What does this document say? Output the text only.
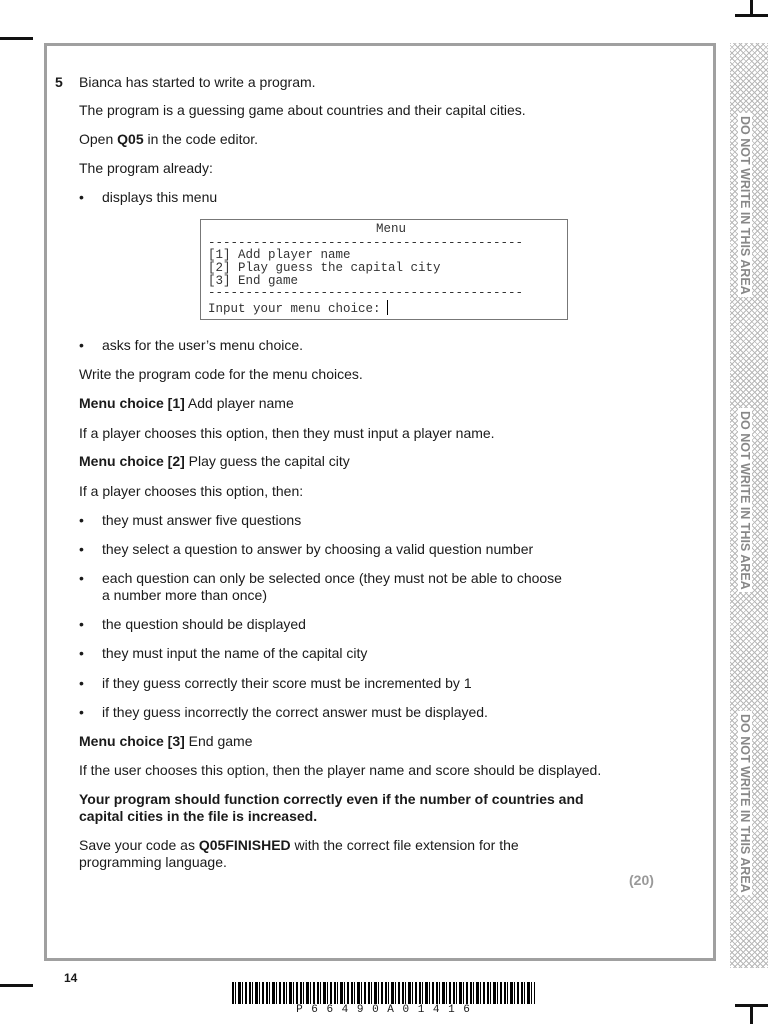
DO NOT WRITE IN THIS AREA
DO NOT WRITE IN THIS AREA
DO NOT WRITE IN THIS AREA
5 Bianca has started to write a program.
The program is a guessing game about countries and their capital cities.
Open Q05 in the code editor.
The program already:
• displays this menu
Menu
------------------------------------------
[1] Add player name
[2] Play guess the capital city
[3] End game
------------------------------------------
Input your menu choice:
• asks for the user’s menu choice.
Write the program code for the menu choices.
Menu choice [1] Add player name
If a player chooses this option, then they must input a player name.
Menu choice [2] Play guess the capital city
If a player chooses this option, then:
• they must answer five questions
• they select a question to answer by choosing a valid question number
• each question can only be selected once (they must not be able to choose
a number more than once)
• the question should be displayed
• they must input the name of the capital city
• if they guess correctly their score must be incremented by 1
• if they guess incorrectly the correct answer must be displayed.
Menu choice [3] End game
If the user chooses this option, then the player name and score should be displayed.
Your program should function correctly even if the number of countries and
capital cities in the file is increased.
Save your code as Q05FINISHED with the correct file extension for the
programming language.
(20)
14
P 6 6 4 9 0 A 0 1 4 1 6
